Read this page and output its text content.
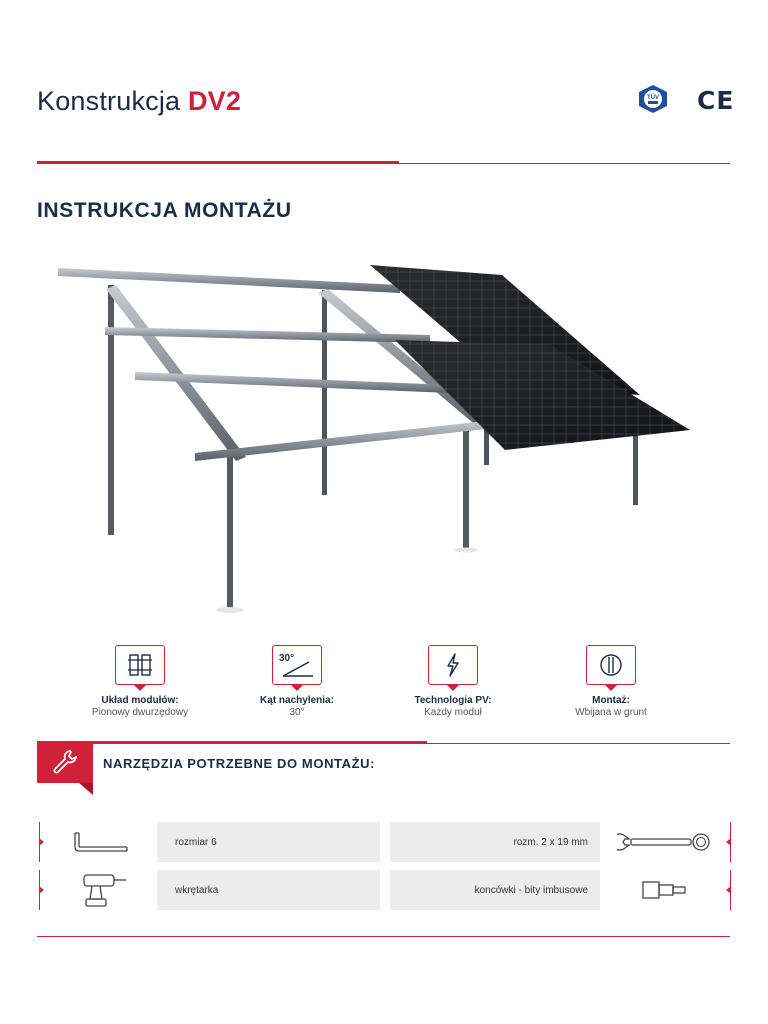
Konstrukcja DV2	TÜV CE
INSTRUKCJA MONTAŻU
Układ modułów:
Pionowy dwurzędowy
30°
Kąt nachylenia:
30°
Technologia PV:
Każdy moduł
Montaż:
Wbijana w grunt
NARZĘDZIA POTRZEBNE DO MONTAŻU:
rozmiar 6	rozm. 2 x 19 mm
wkrętarka	koncówki - bity imbusowe
